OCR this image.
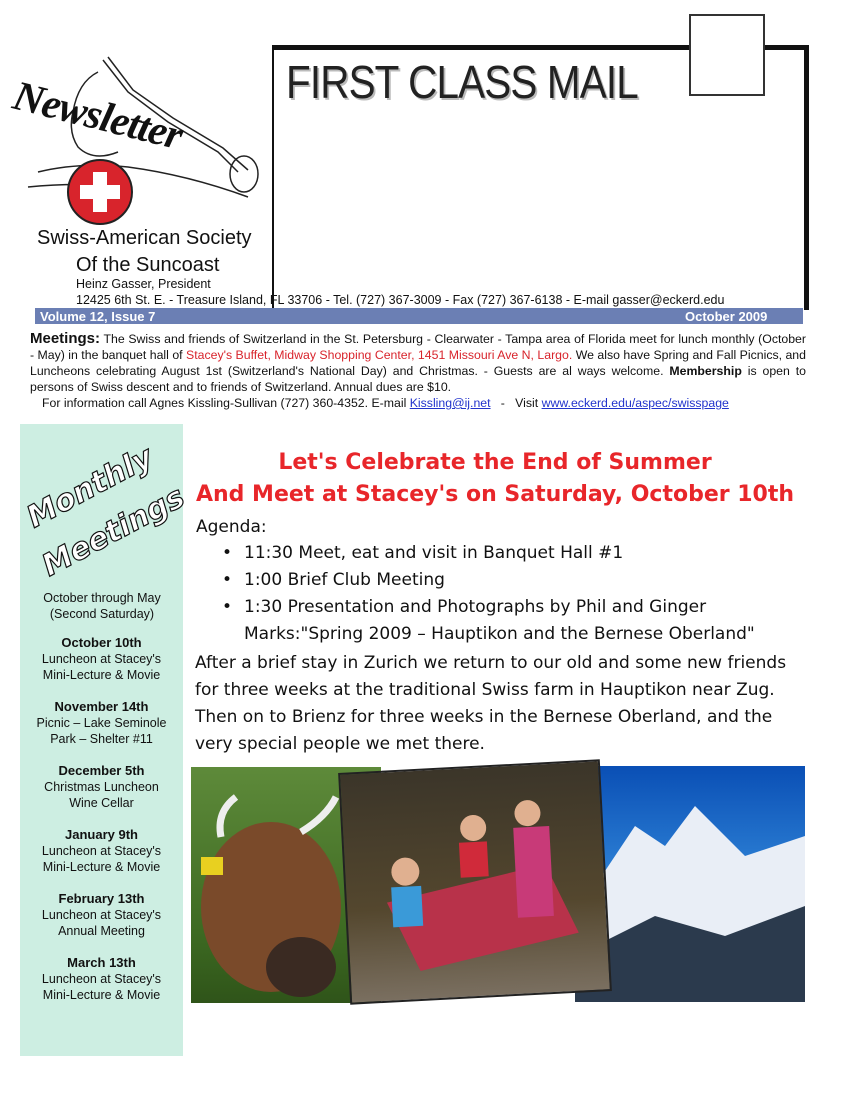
Newsletter FIRST CLASS MAIL
Swiss-American Society
Of the Suncoast
Heinz Gasser, President
12425 6th St. E. - Treasure Island, FL 33706 - Tel. (727) 367-3009 - Fax (727) 367-6138 - E-mail gasser@eckerd.edu
Volume 12, Issue 7	October 2009
Meetings: The Swiss and friends of Switzerland in the St. Petersburg - Clearwater - Tampa area of Florida meet for lunch monthly (October - May) in the banquet hall of Stacey's Buffet, Midway Shopping Center, 1451 Missouri Ave N, Largo. We also have Spring and Fall Picnics, and Luncheons celebrating August 1st (Switzerland's National Day) and Christmas. - Guests are al ways welcome. Membership is open to persons of Swiss descent and to friends of Switzerland. Annual dues are $10.
For information call Agnes Kissling-Sullivan (727) 360-4352. E-mail Kissling@ij.net   -   Visit www.eckerd.edu/aspec/swisspage
Monthly Meetings
October through May (Second Saturday)
October 10th
Luncheon at Stacey's
Mini-Lecture & Movie
November 14th
Picnic – Lake Seminole
Park – Shelter #11
December 5th
Christmas Luncheon
Wine Cellar
January 9th
Luncheon at Stacey's
Mini-Lecture & Movie
February 13th
Luncheon at Stacey's
Annual Meeting
March 13th
Luncheon at Stacey's
Mini-Lecture & Movie
Let's Celebrate the End of Summer
And Meet at Stacey's on Saturday, October 10th
Agenda:
• 11:30 Meet, eat and visit in Banquet Hall #1
• 1:00 Brief Club Meeting
• 1:30 Presentation and Photographs by Phil and Ginger
Marks:"Spring 2009 – Hauptikon and the Bernese Oberland"
After a brief stay in Zurich we return to our old and some new friends for three weeks at the traditional Swiss farm in Hauptikon near Zug. Then on to Brienz for three weeks in the Bernese Oberland, and the very special people we met there.
